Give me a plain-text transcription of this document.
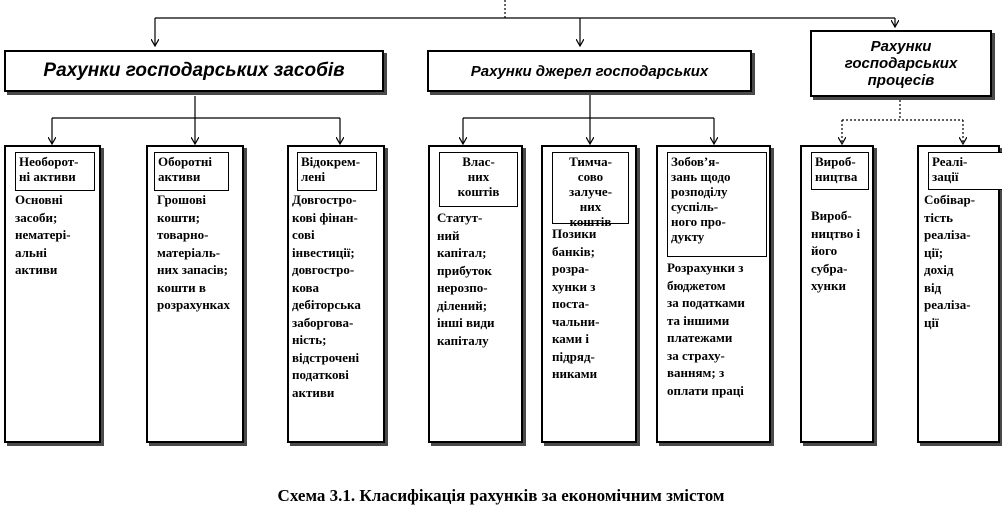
Рахунки господарських засобів	Рахунки джерел господарських
Рахунки господарських процесів
Необорот-
ні активи
Основні
засоби;
нематері-
альні
активи
Оборотні
активи
Грошові
кошти;
товарно-
матеріаль-
них запасів;
кошти в
розрахунках
Відокрем-
лені
Довгостро-
кові фінан-
сові
інвестиції;
довгостро-
кова
дебіторська
заборгова-
ність;
відстрочені
податкові
активи
Влас-
них
коштів
Статут-
ний
капітал;
прибуток
нерозпо-
ділений;
інші види
капіталу
Тимча-
сово
залуче-
них
коштів
Позики
банків;
розра-
хунки з
поста-
чальни-
ками і
підряд-
никами
Зобов’я-
зань щодо
розподілу
суспіль-
ного про-
дукту
Розрахунки з
бюджетом
за податками
та іншими
платежами
за страху-
ванням; з
оплати праці
Вироб-
ництва
Вироб-
ництво і
його
субра-
хунки
Реалі-
зації
Собівар-
тість
реаліза-
ції;
дохід
від
реаліза-
ції
Схема 3.1. Класифікація рахунків за економічним змістом
